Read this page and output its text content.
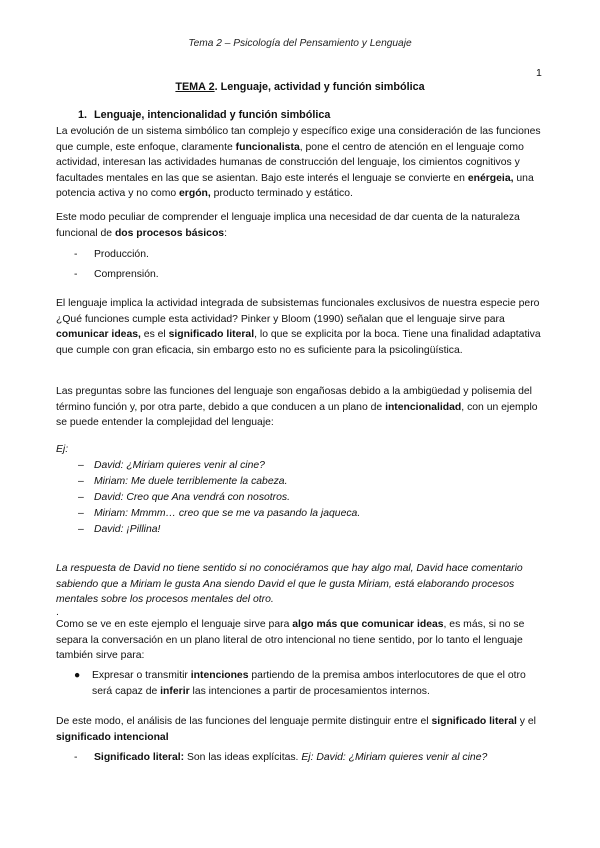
Tema 2 – Psicología del Pensamiento y Lenguaje
1
TEMA 2. Lenguaje, actividad y función simbólica
1. Lenguaje, intencionalidad y función simbólica
La evolución de un sistema simbólico tan complejo y específico exige una consideración de las funciones que cumple, este enfoque, claramente funcionalista, pone el centro de atención en el lenguaje como actividad, interesan las actividades humanas de construcción del lenguaje, los cimientos cognitivos y facultades mentales en las que se asientan. Bajo este interés el lenguaje se convierte en enérgeia, una potencia activa y no como ergón, producto terminado y estático.
Este modo peculiar de comprender el lenguaje implica una necesidad de dar cuenta de la naturaleza funcional de dos procesos básicos:
- Producción.
- Comprensión.
El lenguaje implica la actividad integrada de subsistemas funcionales exclusivos de nuestra especie pero ¿Qué funciones cumple esta actividad? Pinker y Bloom (1990) señalan que el lenguaje sirve para comunicar ideas, es el significado literal, lo que se explicita por la boca. Tiene una finalidad adaptativa que cumple con gran eficacia, sin embargo esto no es suficiente para la psicolingüística.
Las preguntas sobre las funciones del lenguaje son engañosas debido a la ambigüedad y polisemia del término función y, por otra parte, debido a que conducen a un plano de intencionalidad, con un ejemplo se puede entender la complejidad del lenguaje:
Ej:
– David: ¿Miriam quieres venir al cine?
– Miriam: Me duele terriblemente la cabeza.
– David: Creo que Ana vendrá con nosotros.
– Miriam: Mmmm… creo que se me va pasando la jaqueca.
– David: ¡Pillina!
La respuesta de David no tiene sentido si no conociéramos que hay algo mal, David hace comentario sabiendo que a Miriam le gusta Ana siendo David el que le gusta Miriam, está elaborando procesos mentales sobre los procesos mentales del otro.
.
Como se ve en este ejemplo el lenguaje sirve para algo más que comunicar ideas, es más, si no se separa la conversación en un plano literal de otro intencional no tiene sentido, por lo tanto el lenguaje también sirve para:
● Expresar o transmitir intenciones partiendo de la premisa ambos interlocutores de que el otro será capaz de inferir las intenciones a partir de procesamientos internos.
De este modo, el análisis de las funciones del lenguaje permite distinguir entre el significado literal y el significado intencional
- Significado literal: Son las ideas explícitas. Ej: David: ¿Miriam quieres venir al cine?
